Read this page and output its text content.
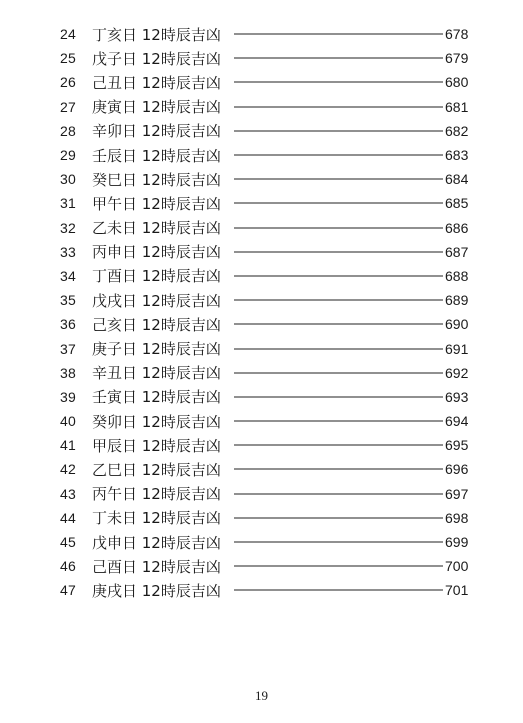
24	丁亥日 12時辰吉凶	678
25	戊子日 12時辰吉凶	679
26	己丑日 12時辰吉凶	680
27	庚寅日 12時辰吉凶	681
28	辛卯日 12時辰吉凶	682
29	壬辰日 12時辰吉凶	683
30	癸巳日 12時辰吉凶	684
31	甲午日 12時辰吉凶	685
32	乙未日 12時辰吉凶	686
33	丙申日 12時辰吉凶	687
34	丁酉日 12時辰吉凶	688
35	戊戌日 12時辰吉凶	689
36	己亥日 12時辰吉凶	690
37	庚子日 12時辰吉凶	691
38	辛丑日 12時辰吉凶	692
39	壬寅日 12時辰吉凶	693
40	癸卯日 12時辰吉凶	694
41	甲辰日 12時辰吉凶	695
42	乙巳日 12時辰吉凶	696
43	丙午日 12時辰吉凶	697
44	丁未日 12時辰吉凶	698
45	戊申日 12時辰吉凶	699
46	己酉日 12時辰吉凶	700
47	庚戌日 12時辰吉凶	701
19
